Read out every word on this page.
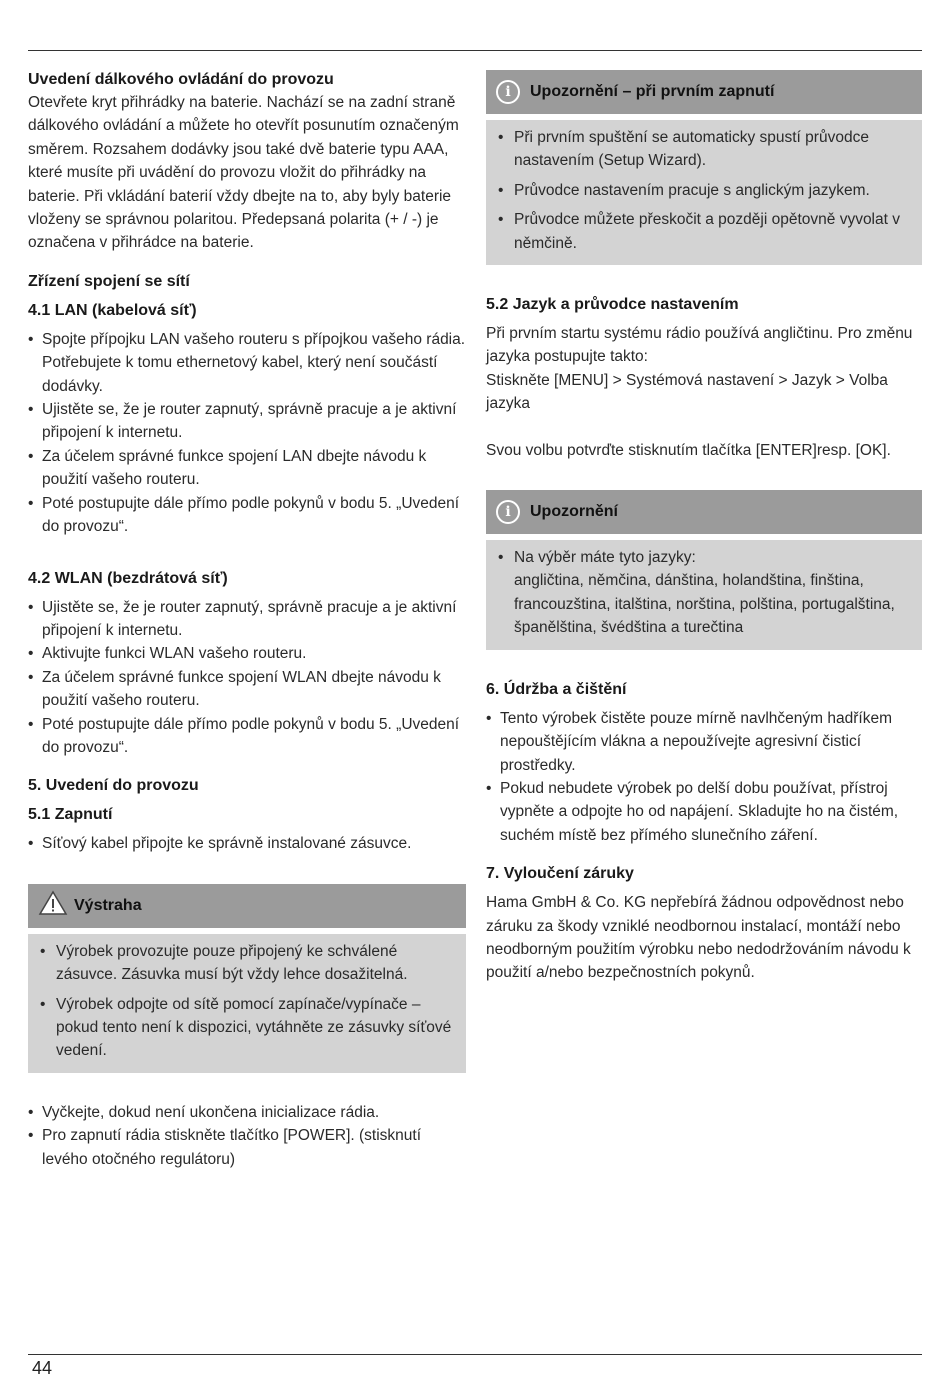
Uvedení dálkového ovládání do provozu

Otevřete kryt přihrádky na baterie. Nachází se na zadní straně dálkového ovládání a můžete ho otevřít posunutím označeným směrem. Rozsahem dodávky jsou také dvě baterie typu AAA, které musíte při uvádění do provozu vložit do přihrádky na baterie. Při vkládání baterií vždy dbejte na to, aby byly baterie vloženy se správnou polaritou. Předepsaná polarita (+ / -) je označena v přihrádce na baterie.

Zřízení spojení se sítí

4.1 LAN (kabelová síť)

• Spojte přípojku LAN vašeho routeru s přípojkou vašeho rádia. Potřebujete k tomu ethernetový kabel, který není součástí dodávky.
• Ujistěte se, že je router zapnutý, správně pracuje a je aktivní připojení k internetu.
• Za účelem správné funkce spojení LAN dbejte návodu k použití vašeho routeru.
• Poté postupujte dále přímo podle pokynů v bodu 5. „Uvedení do provozu“.

4.2 WLAN (bezdrátová síť)

• Ujistěte se, že je router zapnutý, správně pracuje a je aktivní připojení k internetu.
• Aktivujte funkci WLAN vašeho routeru.
• Za účelem správné funkce spojení WLAN dbejte návodu k použití vašeho routeru.
• Poté postupujte dále přímo podle pokynů v bodu 5. „Uvedení do provozu“.

5. Uvedení do provozu

5.1 Zapnutí

• Síťový kabel připojte ke správně instalované zásuvce.
Výstraha
• Výrobek provozujte pouze připojený ke schválené zásuvce. Zásuvka musí být vždy lehce dosažitelná.
• Výrobek odpojte od sítě pomocí zapínače/vypínače – pokud tento není k dispozici, vytáhněte ze zásuvky síťové vedení.
• Vyčkejte, dokud není ukončena inicializace rádia.
• Pro zapnutí rádia stiskněte tlačítko [POWER]. (stisknutí levého otočného regulátoru)
i Upozornění – při prvním zapnutí
• Při prvním spuštění se automaticky spustí průvodce nastavením (Setup Wizard).
• Průvodce nastavením pracuje s anglickým jazykem.
• Průvodce můžete přeskočit a později opětovně vyvolat v němčině.

5.2 Jazyk a průvodce nastavením

Při prvním startu systému rádio používá angličtinu. Pro změnu jazyka postupujte takto:

Stiskněte [MENU] > Systémová nastavení > Jazyk > Volba jazyka

Svou volbu potvrďte stisknutím tlačítka [ENTER]resp. [OK].

i Upozornění
• Na výběr máte tyto jazyky:
angličtina, němčina, dánština, holandština, finština, francouzština, italština, norština, polština, portugalština, španělština, švédština a turečtina

6. Údržba a čištění

• Tento výrobek čistěte pouze mírně navlhčeným hadříkem nepouštějícím vlákna a nepoužívejte agresivní čisticí prostředky.
• Pokud nebudete výrobek po delší dobu používat, přístroj vypněte a odpojte ho od napájení. Skladujte ho na čistém, suchém místě bez přímého slunečního záření.

7. Vyloučení záruky

Hama GmbH & Co. KG nepřebírá žádnou odpovědnost nebo záruku za škody vzniklé neodbornou instalací, montáží nebo neodborným použitím výrobku nebo nedodržováním návodu k použití a/nebo bezpečnostních pokynů.

44
